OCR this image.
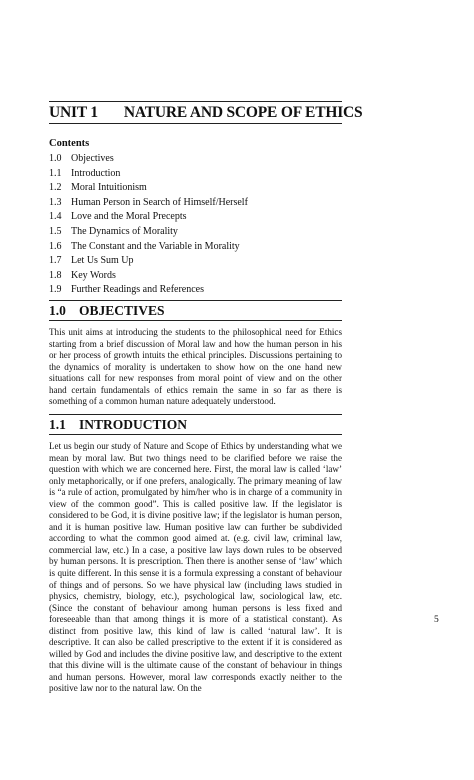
UNIT 1 NATURE AND SCOPE OF ETHICS
Contents
1.0 Objectives
1.1 Introduction
1.2 Moral Intuitionism
1.3 Human Person in Search of Himself/Herself
1.4 Love and the Moral Precepts
1.5 The Dynamics of Morality
1.6 The Constant and the Variable in Morality
1.7 Let Us Sum Up
1.8 Key Words
1.9 Further Readings and References
1.0 OBJECTIVES

This unit aims at introducing the students to the philosophical need for Ethics starting from a brief discussion of Moral law and how the human person in his or her process of growth intuits the ethical principles. Discussions pertaining to the dynamics of morality is undertaken to show how on the one hand new situations call for new responses from moral point of view and on the other hand certain fundamentals of ethics remain the same in so far as there is something of a common human nature adequately understood.

1.1 INTRODUCTION

Let us begin our study of Nature and Scope of Ethics by understanding what we mean by moral law. But two things need to be clarified before we raise the question with which we are concerned here. First, the moral law is called ‘law’ only metaphorically, or if one prefers, analogically. The primary meaning of law is “a rule of action, promulgated by him/her who is in charge of a community in view of the common good”. This is called positive law. If the legislator is considered to be God, it is divine positive law; if the legislator is human person, and it is human positive law. Human positive law can further be subdivided according to what the common good aimed at. (e.g. civil law, criminal law, commercial law, etc.) In a case, a positive law lays down rules to be observed by human persons. It is prescription. Then there is another sense of ‘law’ which is quite different. In this sense it is a formula expressing a constant of behaviour of things and of persons. So we have physical law (including laws studied in physics, chemistry, biology, etc.), psychological law, sociological law, etc. (Since the constant of behaviour among human persons is less fixed and foreseeable than that among things it is more of a statistical constant). As distinct from positive law, this kind of law is called ‘natural law’. It is descriptive. It can also be called prescriptive to the extent if it is considered as willed by God and includes the divine positive law, and descriptive to the extent that this divine will is the ultimate cause of the constant of behaviour in things and human persons. However, moral law corresponds exactly neither to the positive law nor to the natural law. On the

5
